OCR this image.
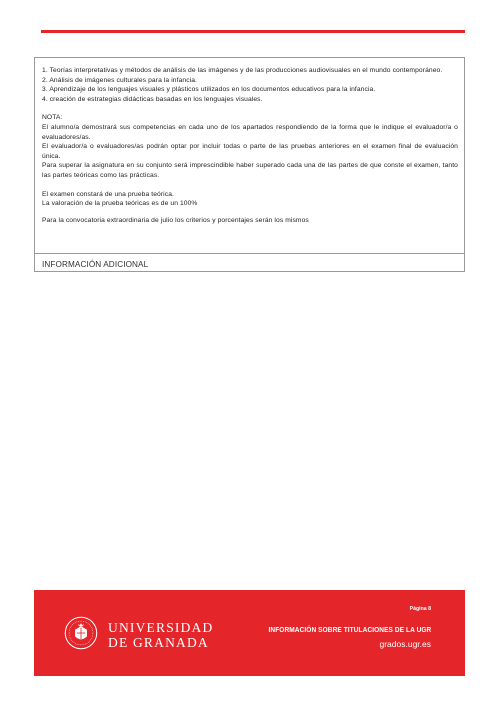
1. Teorías interpretativas y métodos de análisis de las imágenes y de las producciones audiovisuales en el mundo contemporáneo.

2. Análisis de imágenes culturales para la infancia.

3. Aprendizaje de los lenguajes visuales y plásticos utilizados en los documentos educativos para la infancia.

4. creación de estrategias didácticas basadas en los lenguajes visuales.

NOTA:

El alumno/a demostrará sus competencias en cada uno de los apartados respondiendo de la forma que le indique el evaluador/a o evaluadores/as.

El evaluador/a o evaluadores/as podrán optar por incluir todas o parte de las pruebas anteriores en el examen final de evaluación única.

Para superar la asignatura en su conjunto será imprescindible haber superado cada una de las partes de que conste el examen, tanto las partes teóricas como las prácticas.

El examen constará de una prueba teórica.

La valoración de la prueba teóricas es de un 100%

Para la convocatoria extraordinaria de julio los criterios y porcentajes serán los mismos

INFORMACIÓN ADICIONAL
UNIVERSIDAD
DE GRANADA
Página 8
INFORMACIÓN SOBRE TITULACIONES DE LA UGR
grados.ugr.es
